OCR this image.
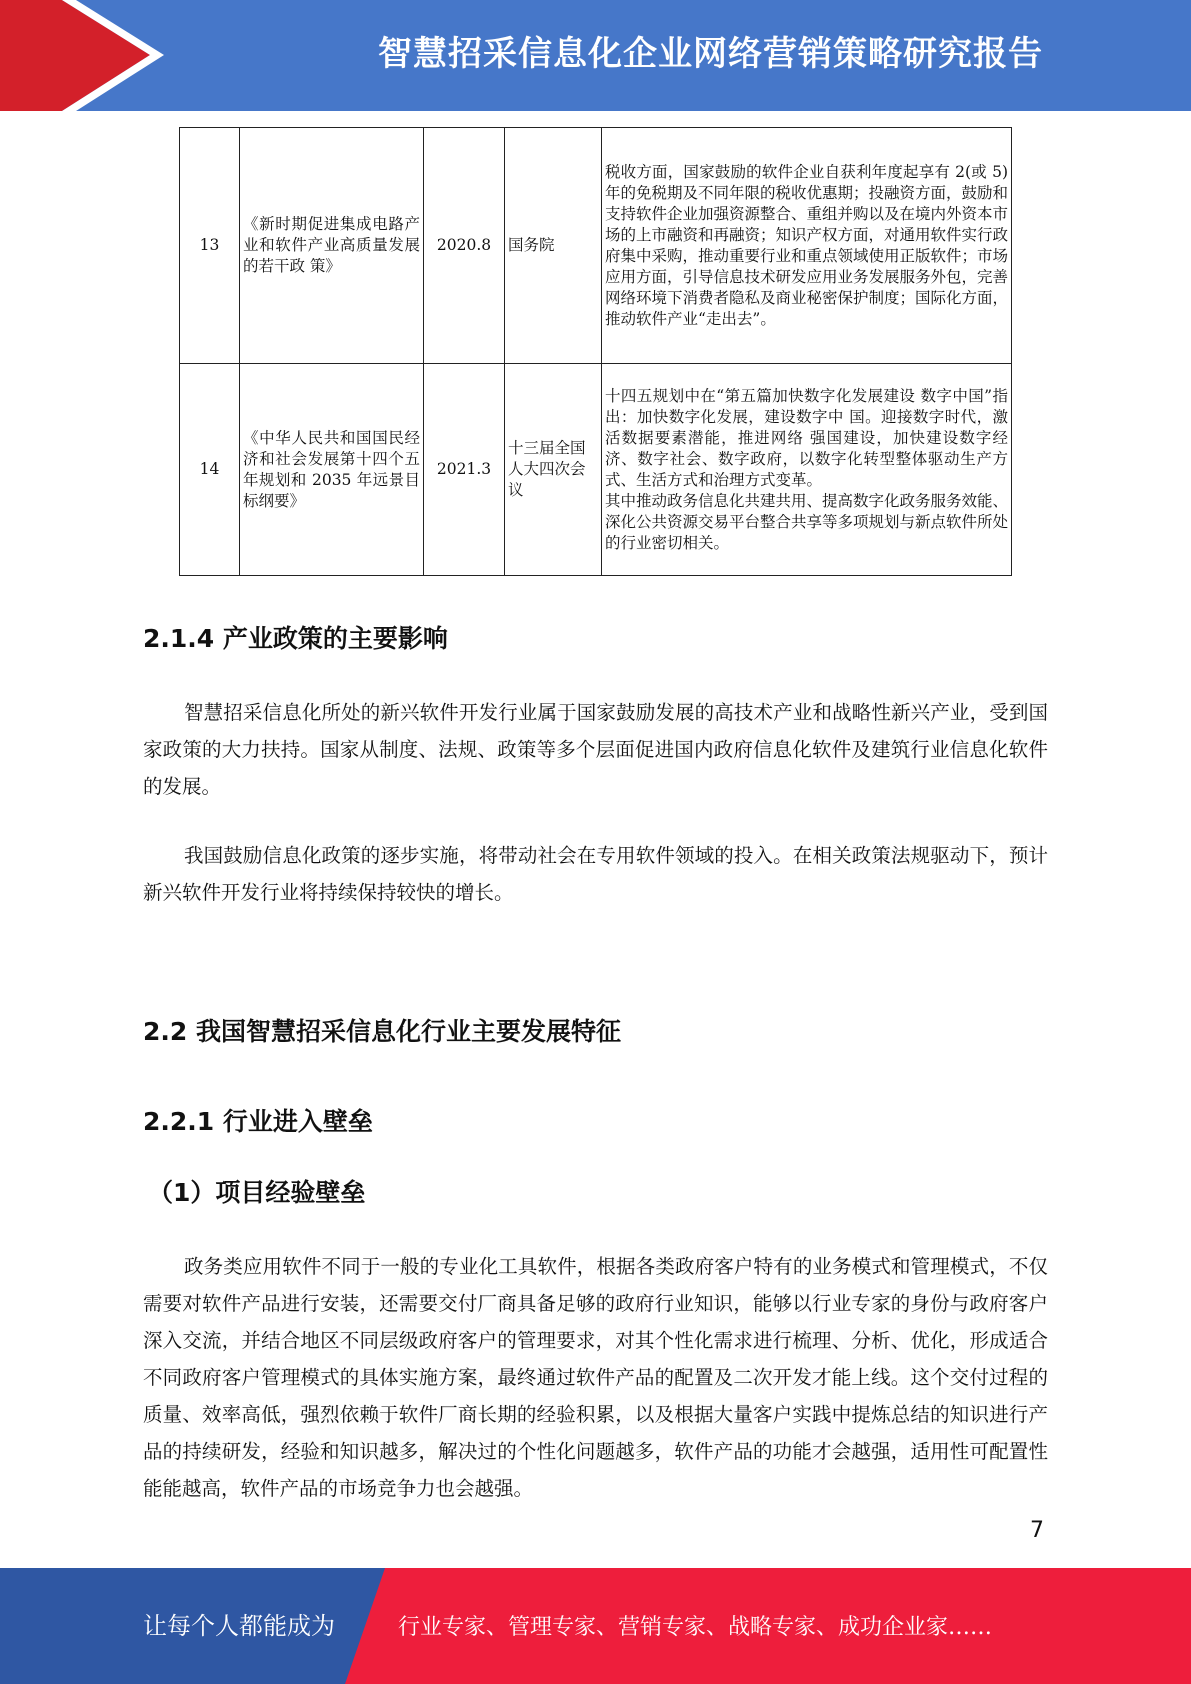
智慧招采信息化企业网络营销策略研究报告
13	《新时期促进集成电路产业和软件产业高质量发展的若干政 策》	2020.8	国务院	税收方面，国家鼓励的软件企业自获利年度起享有 2(或 5)年的免税期及不同年限的税收优惠期；投融资方面，鼓励和支持软件企业加强资源整合、重组并购以及在境内外资本市场的上市融资和再融资；知识产权方面，对通用软件实行政府集中采购，推动重要行业和重点领域使用正版软件；市场应用方面，引导信息技术研发应用业务发展服务外包，完善网络环境下消费者隐私及商业秘密保护制度；国际化方面，推动软件产业“走出去”。
14	《中华人民共和国国民经济和社会发展第十四个五年规划和 2035 年远景目标纲要》	2021.3	十三届全国人大四次会议	十四五规划中在“第五篇加快数字化发展建设 数字中国”指出：加快数字化发展，建设数字中 国。迎接数字时代，激活数据要素潜能，推进网络 强国建设，加快建设数字经济、数字社会、数字政府，以数字化转型整体驱动生产方式、生活方式和治理方式变革。
其中推动政务信息化共建共用、提高数字化政务服务效能、深化公共资源交易平台整合共享等多项规划与新点软件所处的行业密切相关。
2.1.4 产业政策的主要影响
智慧招采信息化所处的新兴软件开发行业属于国家鼓励发展的高技术产业和战略性新兴产业，受到国家政策的大力扶持。国家从制度、法规、政策等多个层面促进国内政府信息化软件及建筑行业信息化软件的发展。
我国鼓励信息化政策的逐步实施，将带动社会在专用软件领域的投入。在相关政策法规驱动下，预计新兴软件开发行业将持续保持较快的增长。
2.2 我国智慧招采信息化行业主要发展特征
2.2.1 行业进入壁垒
（1）项目经验壁垒
政务类应用软件不同于一般的专业化工具软件，根据各类政府客户特有的业务模式和管理模式，不仅需要对软件产品进行安装，还需要交付厂商具备足够的政府行业知识，能够以行业专家的身份与政府客户深入交流，并结合地区不同层级政府客户的管理要求，对其个性化需求进行梳理、分析、优化，形成适合不同政府客户管理模式的具体实施方案，最终通过软件产品的配置及二次开发才能上线。这个交付过程的质量、效率高低，强烈依赖于软件厂商长期的经验积累，以及根据大量客户实践中提炼总结的知识进行产品的持续研发，经验和知识越多，解决过的个性化问题越多，软件产品的功能才会越强，适用性可配置性能能越高，软件产品的市场竞争力也会越强。
7
让每个人都能成为	行业专家、管理专家、营销专家、战略专家、成功企业家……
